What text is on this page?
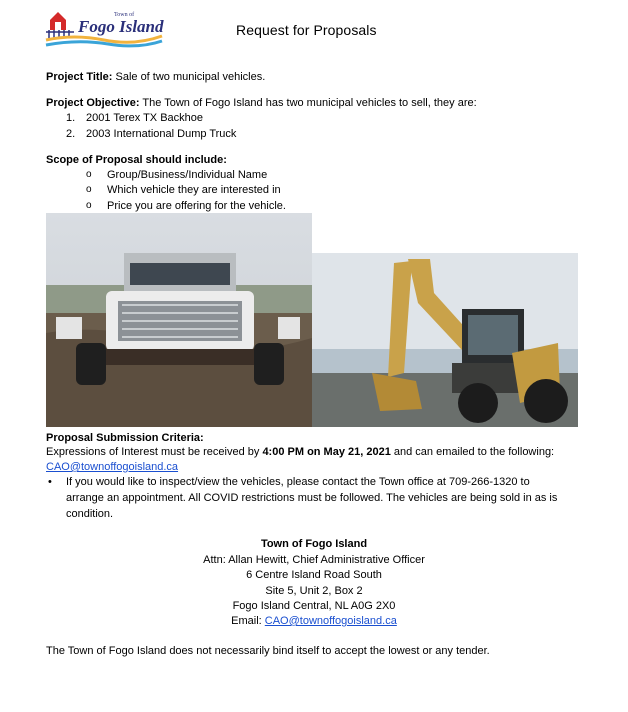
Town of
Fogo Island	Request for Proposals
Project Title: Sale of two municipal vehicles.
Project Objective: The Town of Fogo Island has two municipal vehicles to sell, they are:
1. 2001 Terex TX Backhoe
2. 2003 International Dump Truck
Scope of Proposal should include:
o Group/Business/Individual Name
o Which vehicle they are interested in
o Price you are offering for the vehicle.
Proposal Submission Criteria:
Expressions of Interest must be received by 4:00 PM on May 21, 2021 and can emailed to the following:
CAO@townoffogoisland.ca
• If you would like to inspect/view the vehicles, please contact the Town office at 709-266-1320 to
arrange an appointment. All COVID restrictions must be followed. The vehicles are being sold in as is
condition.
Town of Fogo Island
Attn: Allan Hewitt, Chief Administrative Officer
6 Centre Island Road South
Site 5, Unit 2, Box 2
Fogo Island Central, NL A0G 2X0
Email: CAO@townoffogoisland.ca
The Town of Fogo Island does not necessarily bind itself to accept the lowest or any tender.
